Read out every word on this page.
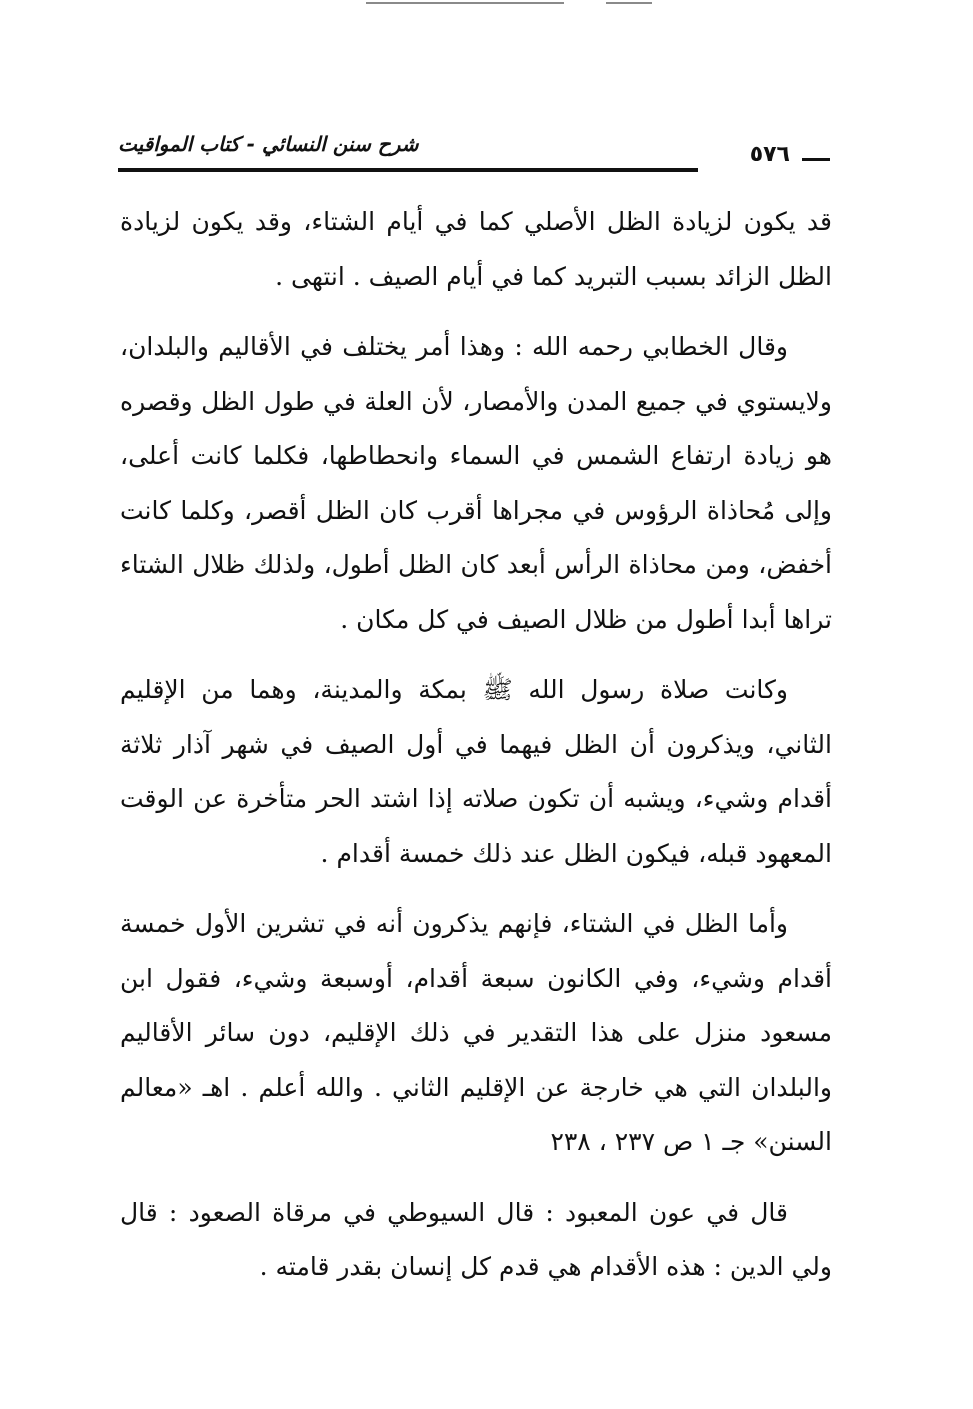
٥٧٦
شرح سنن النسائي - كتاب المواقيت

قد يكون لزيادة الظل الأصلي كما في أيام الشتاء، وقد يكون لزيادة الظل الزائد بسبب التبريد كما في أيام الصيف . انتهى .

وقال الخطابي رحمه الله : وهذا أمر يختلف في الأقاليم والبلدان، ولايستوي في جميع المدن والأمصار، لأن العلة في طول الظل وقصره هو زيادة ارتفاع الشمس في السماء وانحطاطها، فكلما كانت أعلى، وإلى مُحاذاة الرؤوس في مجراها أقرب كان الظل أقصر، وكلما كانت أخفض، ومن محاذاة الرأس أبعد كان الظل أطول، ولذلك ظلال الشتاء تراها أبدا أطول من ظلال الصيف في كل مكان .

وكانت صلاة رسول الله ﷺ بمكة والمدينة، وهما من الإقليم الثاني، ويذكرون أن الظل فيهما في أول الصيف في شهر آذار ثلاثة أقدام وشيء، ويشبه أن تكون صلاته إذا اشتد الحر متأخرة عن الوقت المعهود قبله، فيكون الظل عند ذلك خمسة أقدام .

وأما الظل في الشتاء، فإنهم يذكرون أنه في تشرين الأول خمسة أقدام وشيء، وفي الكانون سبعة أقدام، أوسبعة وشيء، فقول ابن مسعود منزل على هذا التقدير في ذلك الإقليم، دون سائر الأقاليم والبلدان التي هي خارجة عن الإقليم الثاني . والله أعلم . اهـ «معالم السنن» جـ ١ ص ٢٣٧ ، ٢٣٨

قال في عون المعبود : قال السيوطي في مرقاة الصعود : قال ولي الدين : هذه الأقدام هي قدم كل إنسان بقدر قامته .
